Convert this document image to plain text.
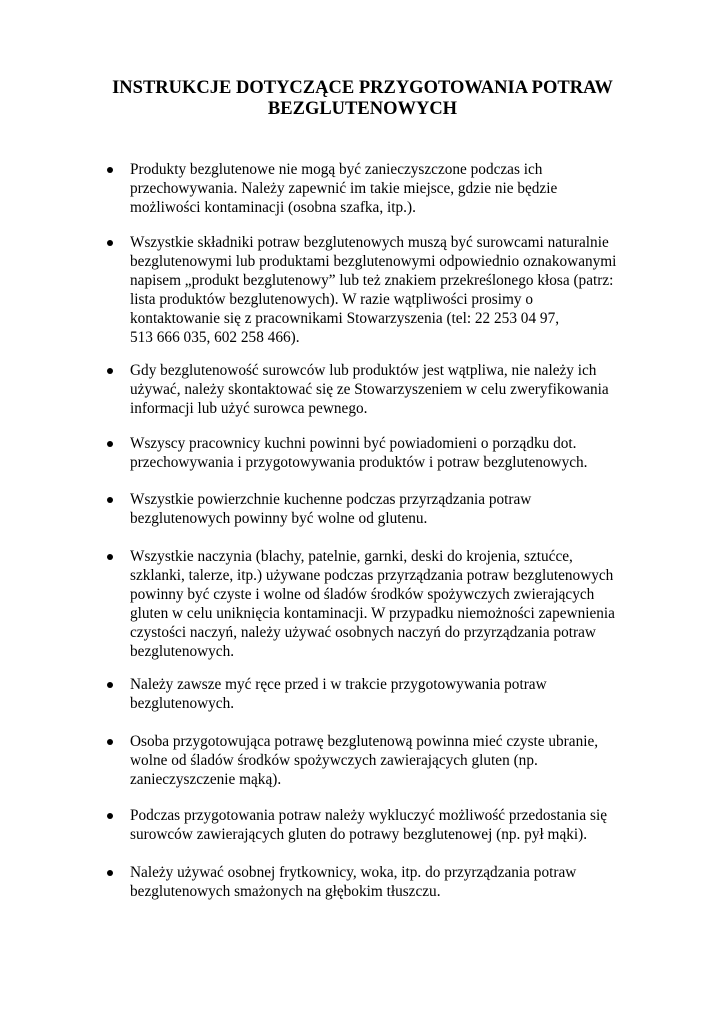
INSTRUKCJE DOTYCZĄCE PRZYGOTOWANIA POTRAW
BEZGLUTENOWYCH

Produkty bezglutenowe nie mogą być zanieczyszczone podczas ich
przechowywania. Należy zapewnić im takie miejsce, gdzie nie będzie
możliwości kontaminacji (osobna szafka, itp.).

Wszystkie składniki potraw bezglutenowych muszą być surowcami naturalnie
bezglutenowymi lub produktami bezglutenowymi odpowiednio oznakowanymi
napisem „produkt bezglutenowy” lub też znakiem przekreślonego kłosa (patrz:
lista produktów bezglutenowych). W razie wątpliwości prosimy o
kontaktowanie się z pracownikami Stowarzyszenia (tel: 22 253 04 97,
513 666 035, 602 258 466).

Gdy bezglutenowość surowców lub produktów jest wątpliwa, nie należy ich
używać, należy skontaktować się ze Stowarzyszeniem w celu zweryfikowania
informacji lub użyć surowca pewnego.

Wszyscy pracownicy kuchni powinni być powiadomieni o porządku dot.
przechowywania i przygotowywania produktów i potraw bezglutenowych.

Wszystkie powierzchnie kuchenne podczas przyrządzania potraw
bezglutenowych powinny być wolne od glutenu.

Wszystkie naczynia (blachy, patelnie, garnki, deski do krojenia, sztućce,
szklanki, talerze, itp.) używane podczas przyrządzania potraw bezglutenowych
powinny być czyste i wolne od śladów środków spożywczych zwierających
gluten w celu uniknięcia kontaminacji. W przypadku niemożności zapewnienia
czystości naczyń, należy używać osobnych naczyń do przyrządzania potraw
bezglutenowych.

Należy zawsze myć ręce przed i w trakcie przygotowywania potraw
bezglutenowych.

Osoba przygotowująca potrawę bezglutenową powinna mieć czyste ubranie,
wolne od śladów środków spożywczych zawierających gluten (np.
zanieczyszczenie mąką).

Podczas przygotowania potraw należy wykluczyć możliwość przedostania się
surowców zawierających gluten do potrawy bezglutenowej (np. pył mąki).

Należy używać osobnej frytkownicy, woka, itp. do przyrządzania potraw
bezglutenowych smażonych na głębokim tłuszczu.
